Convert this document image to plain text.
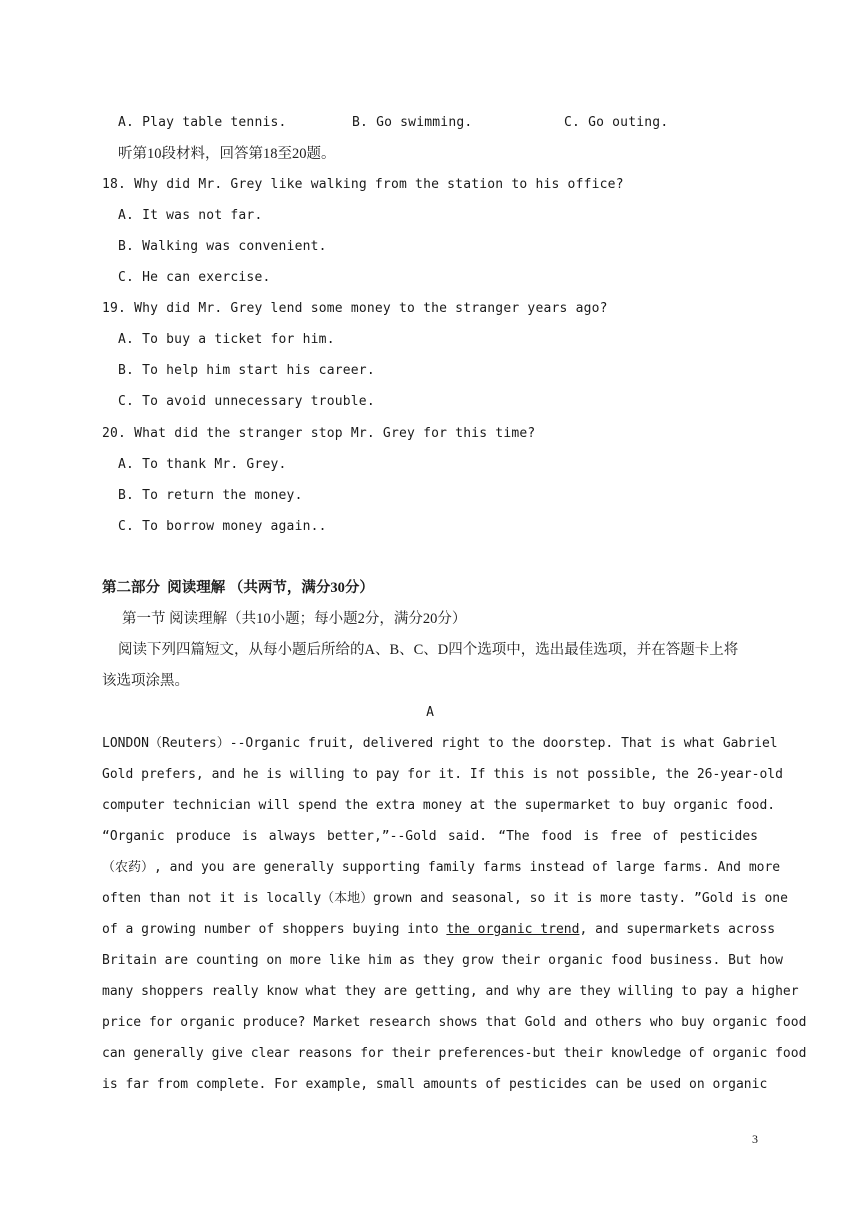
A. Play table tennis.	B. Go swimming.	C. Go outing.
听第10段材料，回答第18至20题。
18. Why did Mr. Grey like walking from the station to his office?
A. It was not far.
B. Walking was convenient.
C. He can exercise.
19. Why did Mr. Grey lend some money to the stranger years ago?
A. To buy a ticket for him.
B. To help him start his career.
C. To avoid unnecessary trouble.
20. What did the stranger stop Mr. Grey for this time?
A. To thank Mr. Grey.
B. To return the money.
C. To borrow money again..
第二部分  阅读理解 （共两节，满分30分）
第一节 阅读理解（共10小题；每小题2分，满分20分）
阅读下列四篇短文，从每小题后所给的A、B、C、D四个选项中，选出最佳选项，并在答题卡上将
该选项涂黑。
A
LONDON（Reuters）--Organic fruit, delivered right to the doorstep. That is what Gabriel
Gold prefers, and he is willing to pay for it. If this is not possible, the 26-year-old
computer technician will spend the extra money at the supermarket to buy organic food.
“Organic produce is always better,”--Gold said. “The food is free of pesticides
（农药）, and you are generally supporting family farms instead of large farms. And more
often than not it is locally（本地）grown and seasonal, so it is more tasty. ”Gold is one
of a growing number of shoppers buying into the organic trend, and supermarkets across
Britain are counting on more like him as they grow their organic food business. But how
many shoppers really know what they are getting, and why are they willing to pay a higher
price for organic produce? Market research shows that Gold and others who buy organic food
can generally give clear reasons for their preferences-but their knowledge of organic food
is far from complete. For example, small amounts of pesticides can be used on organic
3
